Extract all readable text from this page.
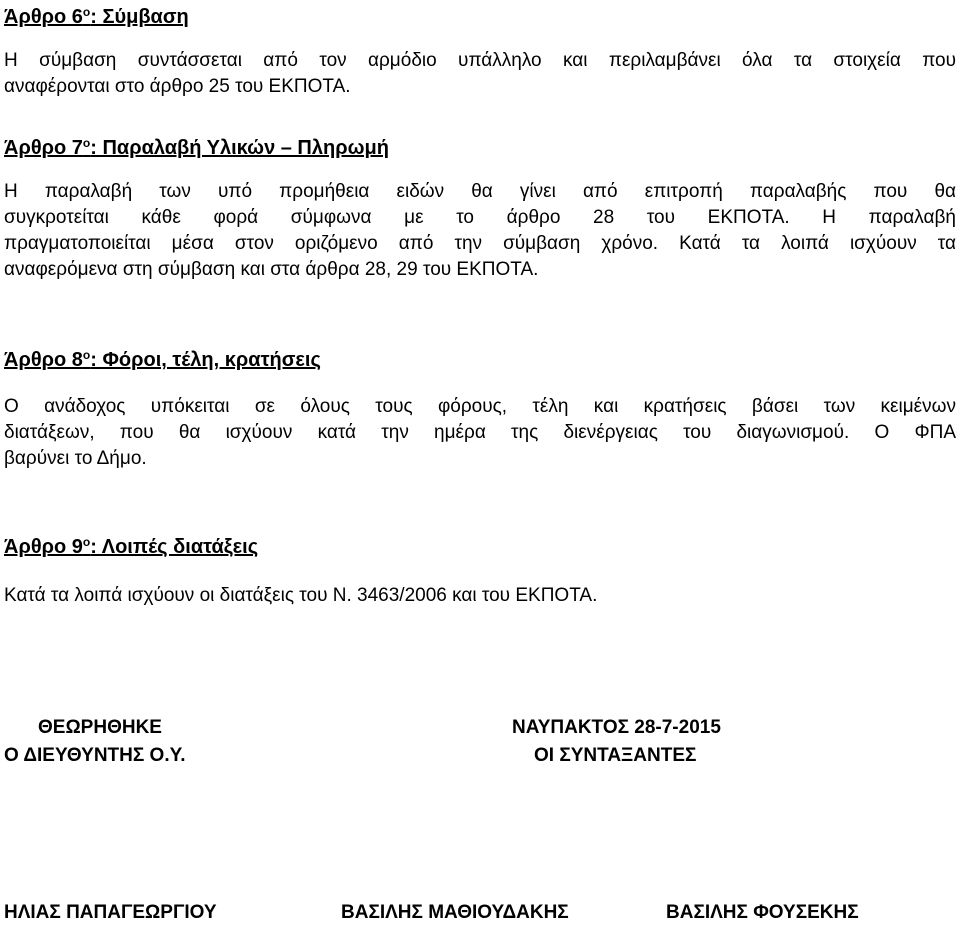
Άρθρο $6^o$: Σύμβαση
Η σύμβαση συντάσσεται από τον αρμόδιο υπάλληλο και περιλαμβάνει όλα τα στοιχεία που
αναφέρονται στο άρθρο 25 του ΕΚΠΟΤΑ.
Άρθρο $7^o$: Παραλαβή Υλικών – Πληρωμή
Η παραλαβή των υπό προμήθεια ειδών θα γίνει από επιτροπή παραλαβής που θα
συγκροτείται κάθε φορά σύμφωνα με το άρθρο 28 του ΕΚΠΟΤΑ. Η παραλαβή
πραγματοποιείται μέσα στον οριζόμενο από την σύμβαση χρόνο. Κατά τα λοιπά ισχύουν τα
αναφερόμενα στη σύμβαση και στα άρθρα 28, 29 του ΕΚΠΟΤΑ.
Άρθρο $8^o$: Φόροι, τέλη, κρατήσεις
Ο ανάδοχος υπόκειται σε όλους τους φόρους, τέλη και κρατήσεις βάσει των κειμένων
διατάξεων, που θα ισχύουν κατά την ημέρα της διενέργειας του διαγωνισμού. Ο ΦΠΑ
βαρύνει το Δήμο.
Άρθρο $9^o$: Λοιπές διατάξεις
Κατά τα λοιπά ισχύουν οι διατάξεις του Ν. 3463/2006 και του ΕΚΠΟΤΑ.
ΘΕΩΡΗΘΗΚΕ
Ο ΔΙΕΥΘΥΝΤΗΣ Ο.Υ.
ΝΑΥΠΑΚΤΟΣ 28-7-2015
ΟΙ ΣΥΝΤΑΞΑΝΤΕΣ
ΗΛΙΑΣ ΠΑΠΑΓΕΩΡΓΙΟΥ	ΒΑΣΙΛΗΣ ΜΑΘΙΟΥΔΑΚΗΣ	ΒΑΣΙΛΗΣ ΦΟΥΣΕΚΗΣ
